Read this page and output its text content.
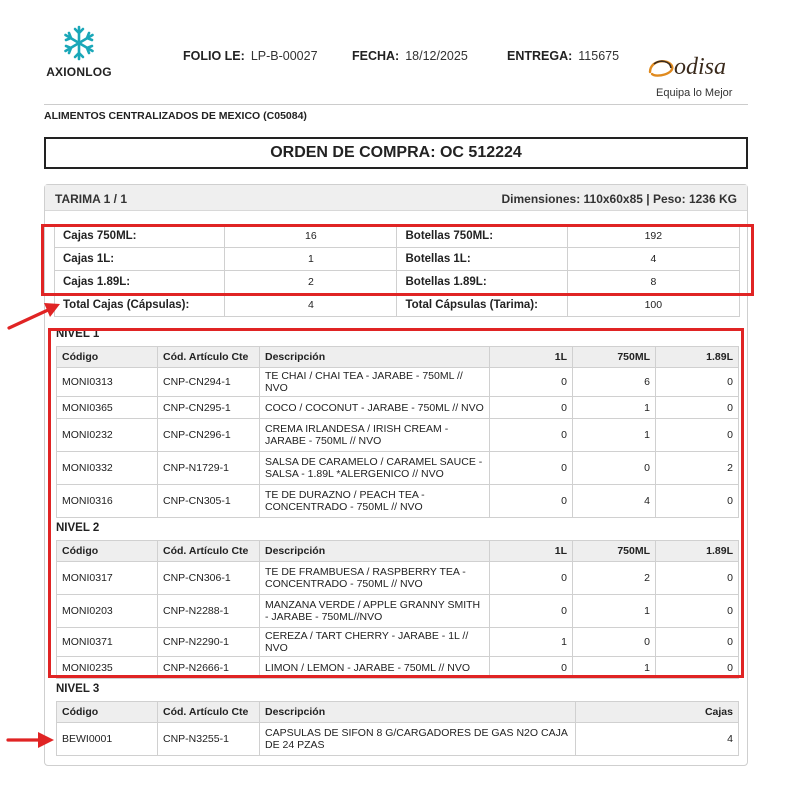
AXIONLOG
FOLIO LE: LP-B-00027	FECHA: 18/12/2025	ENTREGA: 115675 odisa
Equipa lo Mejor
ALIMENTOS CENTRALIZADOS DE MEXICO (C05084)
ORDEN DE COMPRA: OC 512224
TARIMA 1 / 1	Dimensiones: 110x60x85 | Peso: 1236 KG
Cajas 750ML:	16	Botellas 750ML:	192
Cajas 1L:	1	Botellas 1L:	4
Cajas 1.89L:	2	Botellas 1.89L:	8
Total Cajas (Cápsulas):	4	Total Cápsulas (Tarima):	100
NIVEL 1
Código	Cód. Artículo Cte	Descripción	1L	750ML	1.89L
MONI0313	CNP-CN294-1	TE CHAI / CHAI TEA - JARABE - 750ML // NVO	0	6	0
MONI0365	CNP-CN295-1	COCO / COCONUT - JARABE - 750ML // NVO	0	1	0
MONI0232	CNP-CN296-1	CREMA IRLANDESA / IRISH CREAM - JARABE - 750ML // NVO	0	1	0
MONI0332	CNP-N1729-1	SALSA DE CARAMELO / CARAMEL SAUCE - SALSA - 1.89L *ALERGENICO // NVO	0	0	2
MONI0316	CNP-CN305-1	TE DE DURAZNO / PEACH TEA - CONCENTRADO - 750ML // NVO	0	4	0
NIVEL 2
Código	Cód. Artículo Cte	Descripción	1L	750ML	1.89L
MONI0317	CNP-CN306-1	TE DE FRAMBUESA / RASPBERRY TEA - CONCENTRADO - 750ML // NVO	0	2	0
MONI0203	CNP-N2288-1	MANZANA VERDE / APPLE GRANNY SMITH - JARABE - 750ML//NVO	0	1	0
MONI0371	CNP-N2290-1	CEREZA / TART CHERRY - JARABE - 1L // NVO	1	0	0
MONI0235	CNP-N2666-1	LIMON / LEMON - JARABE - 750ML // NVO	0	1	0
NIVEL 3
Código	Cód. Artículo Cte	Descripción	Cajas
BEWI0001	CNP-N3255-1	CAPSULAS DE SIFON 8 G/CARGADORES DE GAS N2O CAJA DE 24 PZAS	4
